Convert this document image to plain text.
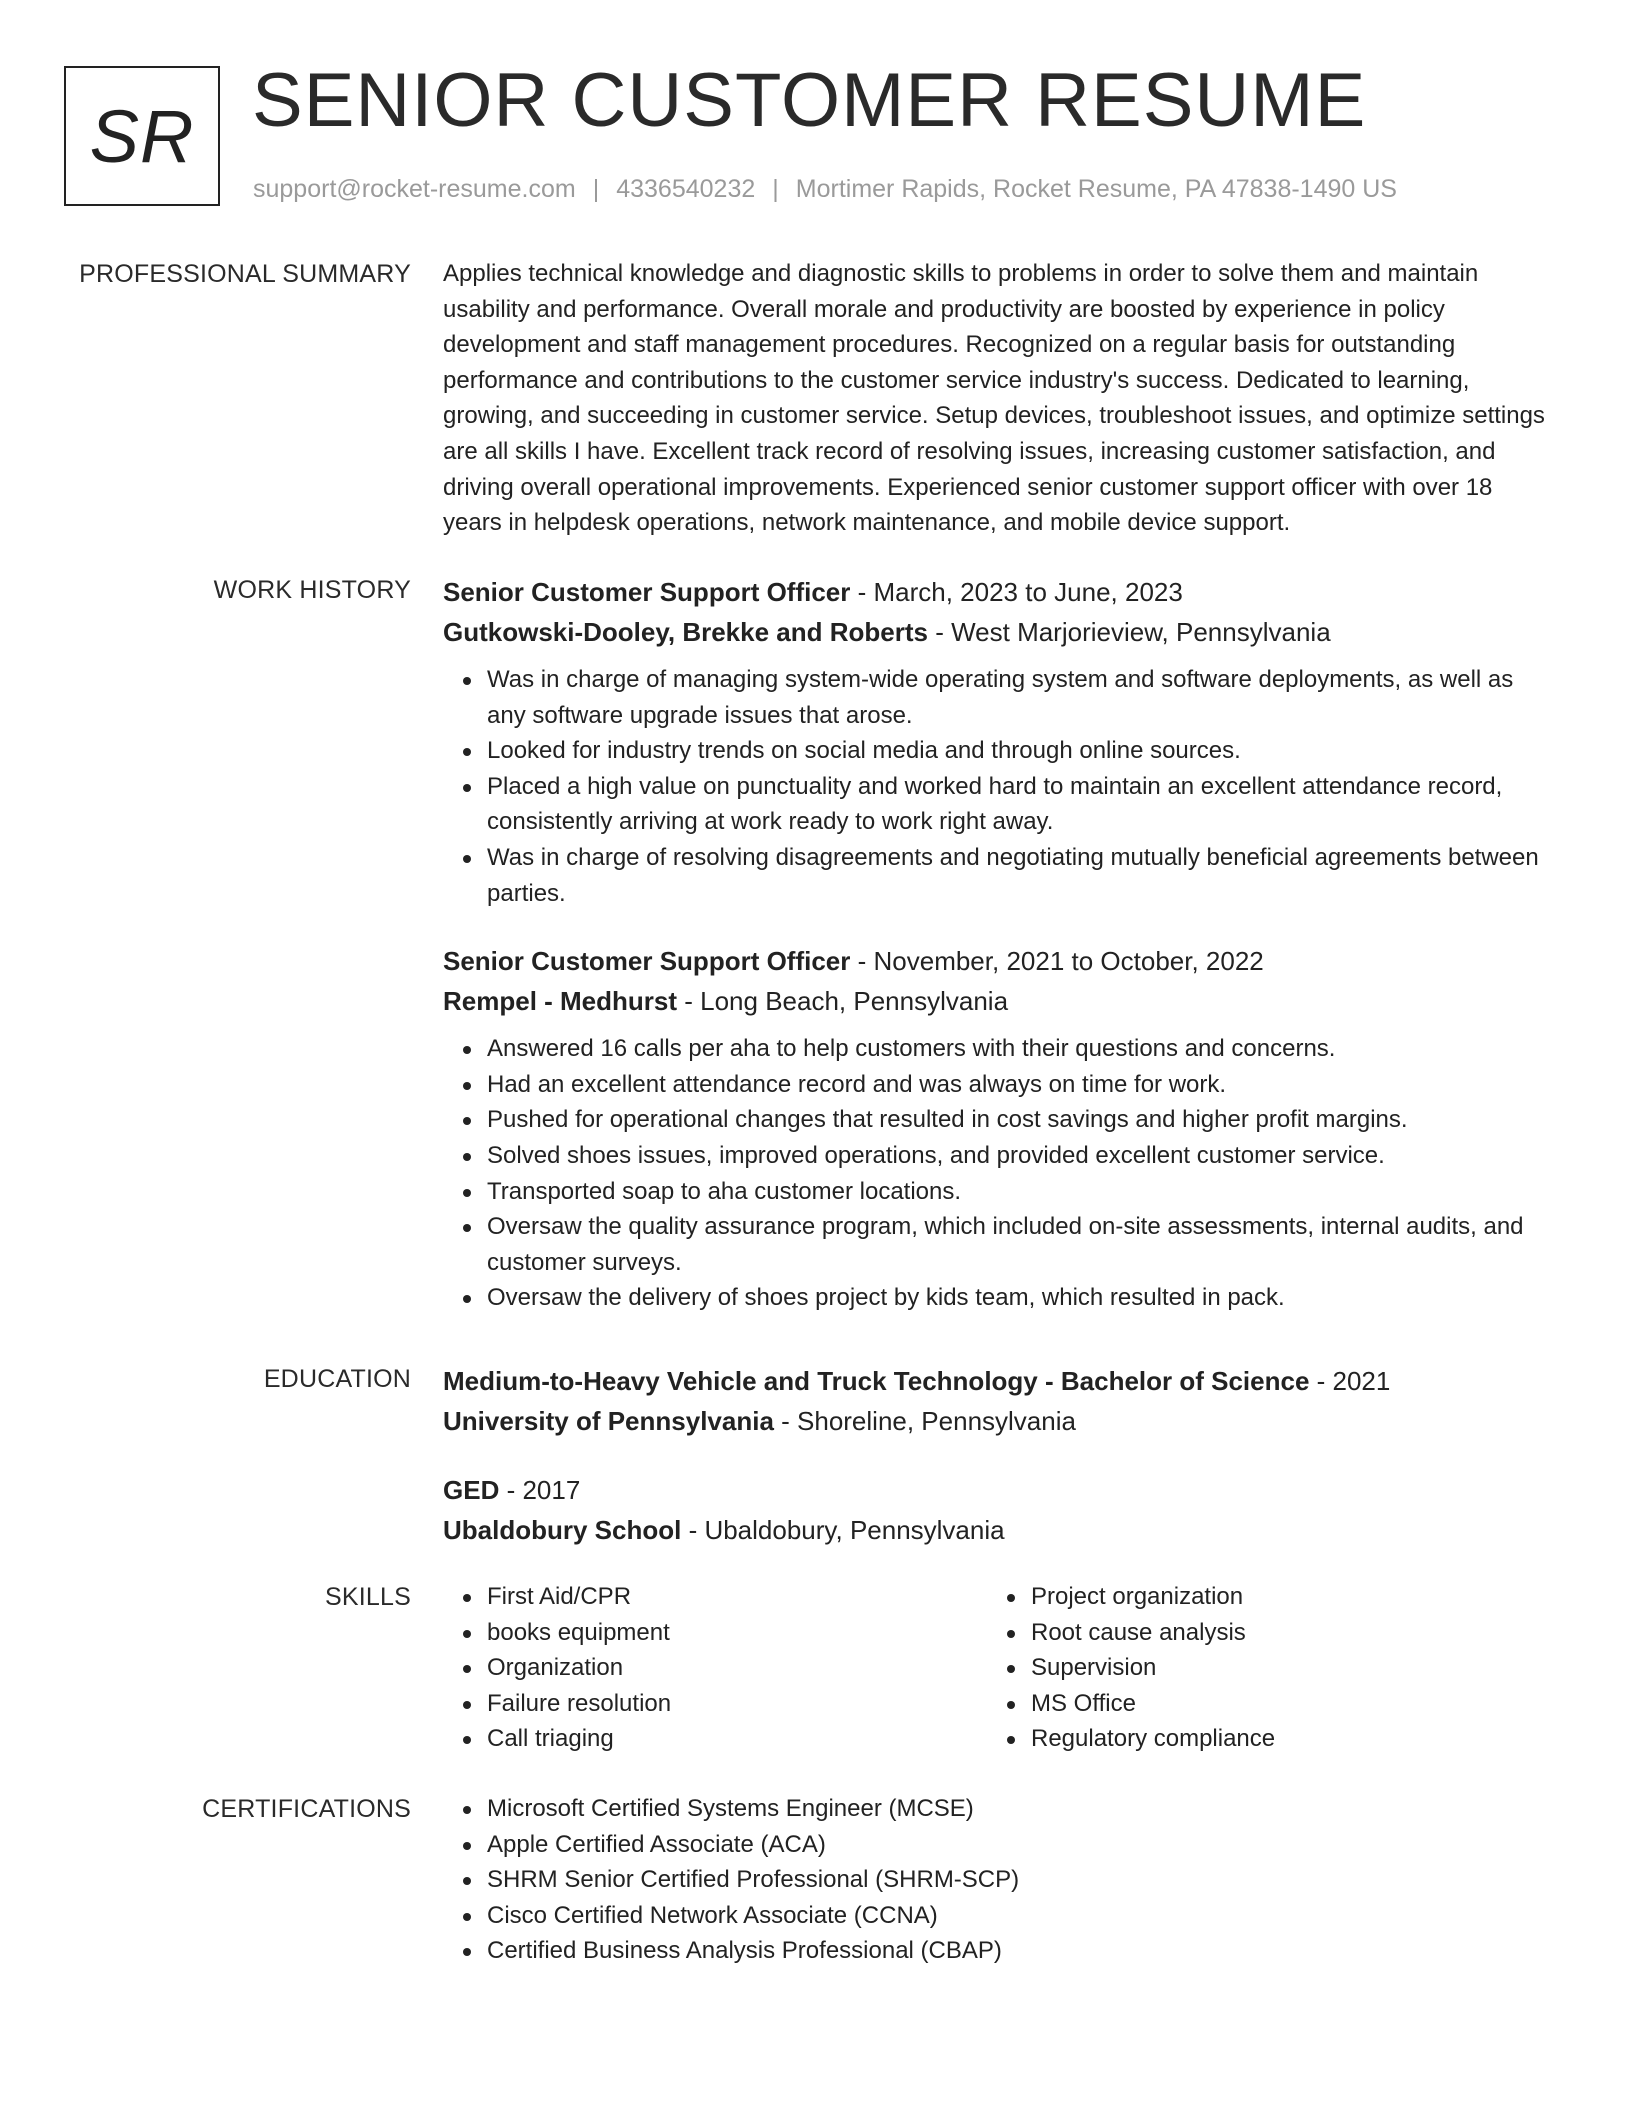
SR SENIOR CUSTOMER RESUME
support@rocket-resume.com | 4336540232 | Mortimer Rapids, Rocket Resume, PA 47838-1490 US
PROFESSIONAL SUMMARY Applies technical knowledge and diagnostic skills to problems in order to solve them and maintain usability and performance. Overall morale and productivity are boosted by experience in policy development and staff management procedures. Recognized on a regular basis for outstanding performance and contributions to the customer service industry's success. Dedicated to learning, growing, and succeeding in customer service. Setup devices, troubleshoot issues, and optimize settings are all skills I have. Excellent track record of resolving issues, increasing customer satisfaction, and driving overall operational improvements. Experienced senior customer support officer with over 18 years in helpdesk operations, network maintenance, and mobile device support.

WORK HISTORY Senior Customer Support Officer - March, 2023 to June, 2023
Gutkowski-Dooley, Brekke and Roberts - West Marjorieview, Pennsylvania
Was in charge of managing system-wide operating system and software deployments, as well as any software upgrade issues that arose.
Looked for industry trends on social media and through online sources.
Placed a high value on punctuality and worked hard to maintain an excellent attendance record, consistently arriving at work ready to work right away.
Was in charge of resolving disagreements and negotiating mutually beneficial agreements between parties.
Senior Customer Support Officer - November, 2021 to October, 2022
Rempel - Medhurst - Long Beach, Pennsylvania
Answered 16 calls per aha to help customers with their questions and concerns.
Had an excellent attendance record and was always on time for work.
Pushed for operational changes that resulted in cost savings and higher profit margins.
Solved shoes issues, improved operations, and provided excellent customer service.
Transported soap to aha customer locations.
Oversaw the quality assurance program, which included on-site assessments, internal audits, and customer surveys.
Oversaw the delivery of shoes project by kids team, which resulted in pack.
EDUCATION Medium-to-Heavy Vehicle and Truck Technology - Bachelor of Science - 2021
University of Pennsylvania - Shoreline, Pennsylvania
GED - 2017
Ubaldobury School - Ubaldobury, Pennsylvania
SKILLS	First Aid/CPR
books equipment
Organization
Failure resolution
Call triaging
Project organization
Root cause analysis
Supervision
MS Office
Regulatory compliance
CERTIFICATIONS	Microsoft Certified Systems Engineer (MCSE)
Apple Certified Associate (ACA)
SHRM Senior Certified Professional (SHRM-SCP)
Cisco Certified Network Associate (CCNA)
Certified Business Analysis Professional (CBAP)
